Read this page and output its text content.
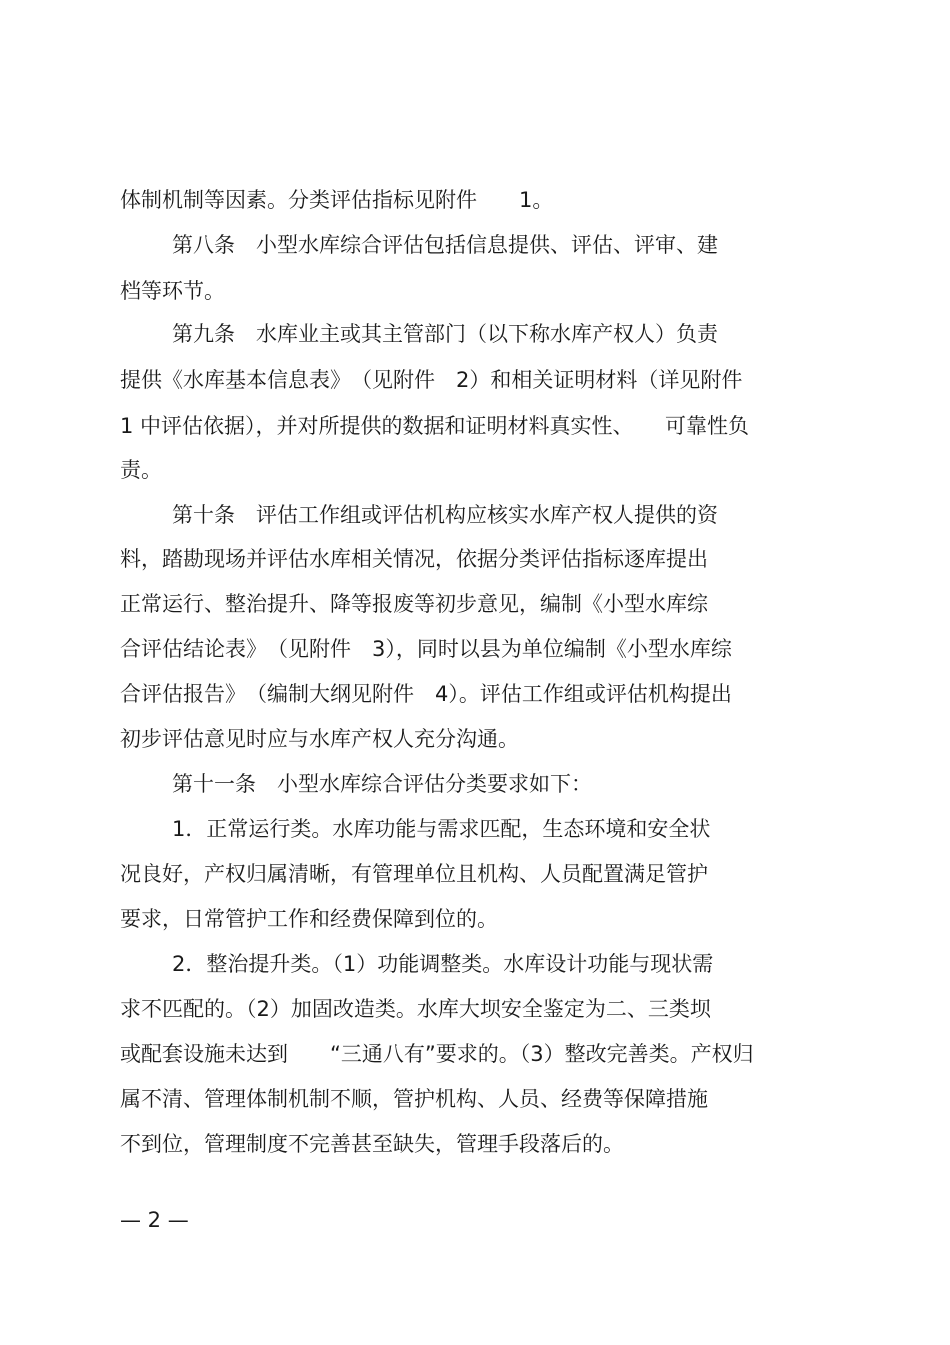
体制机制等因素。分类评估指标见附件　　1。

第八条　小型水库综合评估包括信息提供、评估、评审、建

档等环节。

第九条　水库业主或其主管部门（以下称水库产权人）负责

提供《水库基本信息表》　（见附件　2）和相关证明材料（详见附件

1 中评估依据），并对所提供的数据和证明材料真实性、　　可靠性负

责。

第十条　评估工作组或评估机构应核实水库产权人提供的资

料，踏勘现场并评估水库相关情况，依据分类评估指标逐库提出

正常运行、整治提升、降等报废等初步意见，编制《小型水库综

合评估结论表》　（见附件　3），同时以县为单位编制《小型水库综

合评估报告》　（编制大纲见附件　4）。评估工作组或评估机构提出

初步评估意见时应与水库产权人充分沟通。

第十一条　小型水库综合评估分类要求如下：

1．正常运行类。水库功能与需求匹配，生态环境和安全状

况良好，产权归属清晰，有管理单位且机构、人员配置满足管护

要求，日常管护工作和经费保障到位的。

2．整治提升类。（1）功能调整类。水库设计功能与现状需

求不匹配的。（2）加固改造类。水库大坝安全鉴定为二、三类坝

或配套设施未达到　　“三通八有”要求的。（3）整改完善类。产权归

属不清、管理体制机制不顺，管护机构、人员、经费等保障措施

不到位，管理制度不完善甚至缺失，管理手段落后的。

— 2 —
